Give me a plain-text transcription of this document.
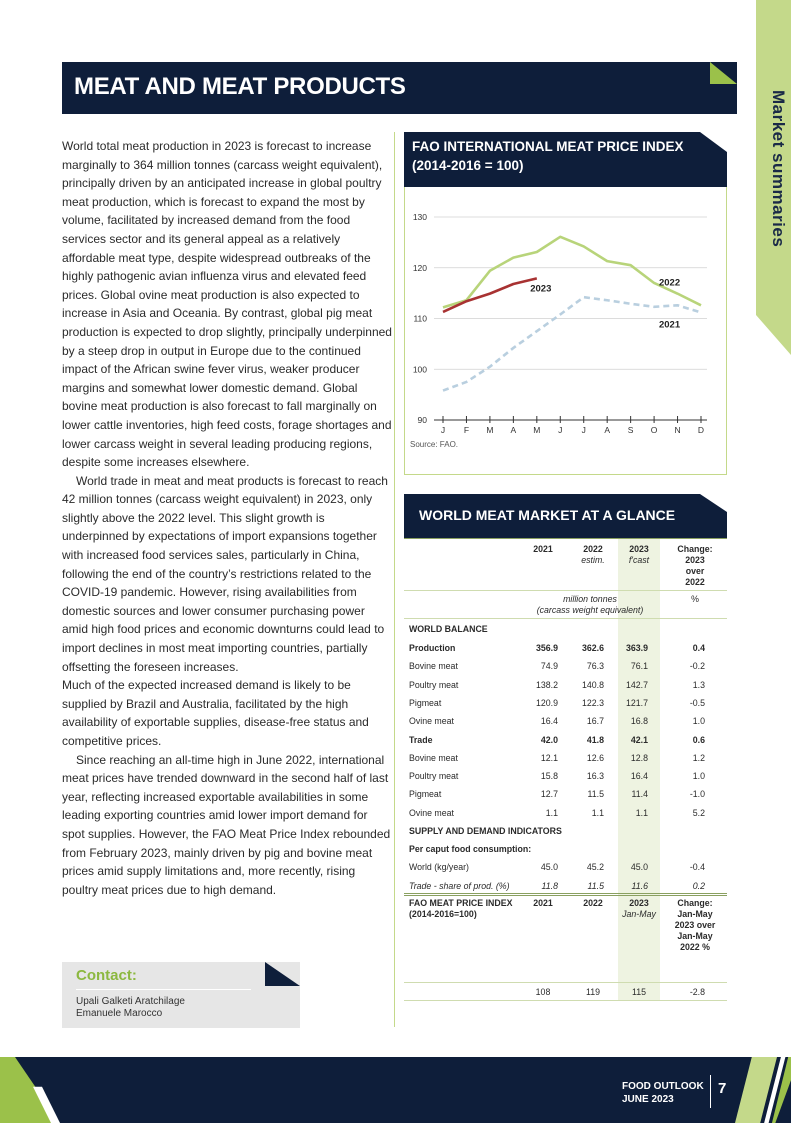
Market summaries
MEAT AND MEAT PRODUCTS

World total meat production in 2023 is forecast to increase marginally to 364 million tonnes (carcass weight equivalent), principally driven by an anticipated increase in global poultry meat production, which is forecast to expand the most by volume, facilitated by increased demand from the food services sector and its general appeal as a relatively affordable meat type, despite widespread outbreaks of the highly pathogenic avian influenza virus and elevated feed prices. Global ovine meat production is also expected to increase in Asia and Oceania. By contrast, global pig meat production is expected to drop slightly, principally underpinned by a steep drop in output in Europe due to the continued impact of the African swine fever virus, weaker producer margins and somewhat lower domestic demand. Global bovine meat production is also forecast to fall marginally on lower cattle inventories, high feed costs, forage shortages and lower carcass weight in several leading producing regions, despite some increases elsewhere.

World trade in meat and meat products is forecast to reach 42 million tonnes (carcass weight equivalent) in 2023, only slightly above the 2022 level. This slight growth is underpinned by expectations of import expansions together with increased food services sales, particularly in China, following the end of the country’s restrictions related to the COVID-19 pandemic. However, rising availabilities from domestic sources and lower consumer purchasing power amid high food prices and economic downturns could lead to import declines in most meat importing countries, partially offsetting the foreseen increases.

Much of the expected increased demand is likely to be supplied by Brazil and Australia, facilitated by the high availability of exportable supplies, disease-free status and competitive prices.

Since reaching an all-time high in June 2022, international meat prices have trended downward in the second half of last year, reflecting increased exportable availabilities in some leading exporting countries amid lower import demand for spot supplies. However, the FAO Meat Price Index rebounded from February 2023, mainly driven by pig and bovine meat prices amid supply limitations and, more recently, rising poultry meat prices due to high demand.

Contact:
Upali Galketi Aratchilage
Emanuele Marocco
FAO INTERNATIONAL MEAT PRICE INDEX (2014-2016 = 100)
90
100
110
120
130
J F M A M J J A S O N D
2021
2022
2023
Source: FAO.
WORLD MEAT MARKET AT A GLANCE
2021	2022
estim.
2023
f'cast
Change: 2023 over 2022
million tonnes
(carcass weight equivalent)
%
WORLD BALANCE
Production	356.9	362.6	363.9	0.4
Bovine meat	74.9	76.3	76.1	-0.2
Poultry meat	138.2	140.8	142.7	1.3
Pigmeat	120.9	122.3	121.7	-0.5
Ovine meat	16.4	16.7	16.8	1.0
Trade	42.0	41.8	42.1	0.6
Bovine meat	12.1	12.6	12.8	1.2
Poultry meat	15.8	16.3	16.4	1.0
Pigmeat	12.7	11.5	11.4	-1.0
Ovine meat	1.1	1.1	1.1	5.2
SUPPLY AND DEMAND INDICATORS
Per caput food consumption:
World (kg/year)	45.0	45.2	45.0	-0.4
Trade - share of prod. (%)	11.8	11.5	11.6	0.2
FAO MEAT PRICE INDEX (2014-2016=100)
2021	2022	2023
Jan-May
Change: Jan-May 2023 over Jan-May 2022 %
108	119	115	-2.8
FOOD OUTLOOK
JUNE 2023
7
